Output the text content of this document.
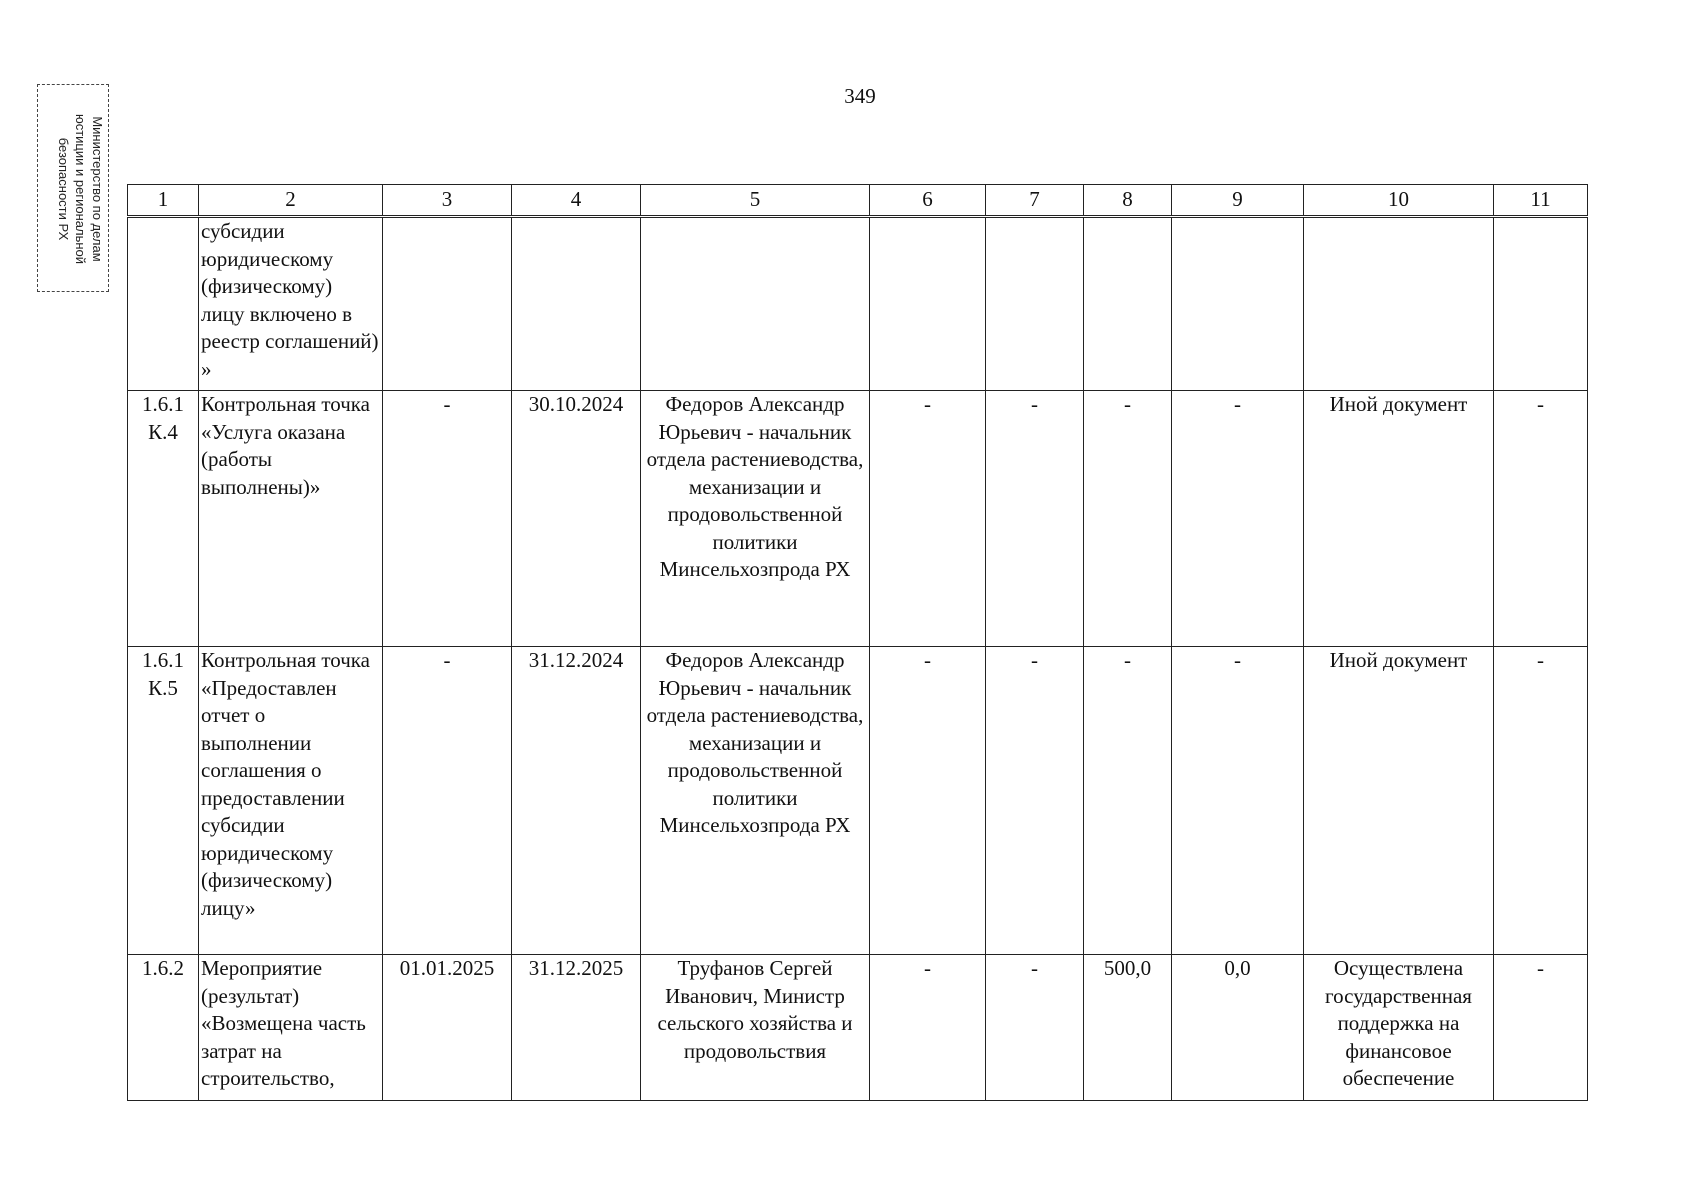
349
Министерство по делам
юстиции и региональной
безопасности РХ	1	2	3	4	5	6	7	8	9	10	11
	субсидии юридическому (физическому) лицу включено в реестр соглашений) »									
1.6.1 К.4	Контрольная точка «Услуга оказана (работы выполнены)»	-	30.10.2024	Федоров Александр Юрьевич - начальник отдела растениеводства, механизации и продовольственной политики Минсельхозпрода РХ	-	-	-	-	Иной документ	-
1.6.1 К.5	Контрольная точка «Предоставлен отчет о выполнении соглашения о предоставлении субсидии юридическому (физическому) лицу»	-	31.12.2024	Федоров Александр Юрьевич - начальник отдела растениеводства, механизации и продовольственной политики Минсельхозпрода РХ	-	-	-	-	Иной документ	-
1.6.2	Мероприятие (результат) «Возмещена часть затрат на строительство,	01.01.2025	31.12.2025	Труфанов Сергей Иванович, Министр сельского хозяйства и продовольствия	-	-	500,0	0,0	Осуществлена государственная поддержка на финансовое обеспечение	-
